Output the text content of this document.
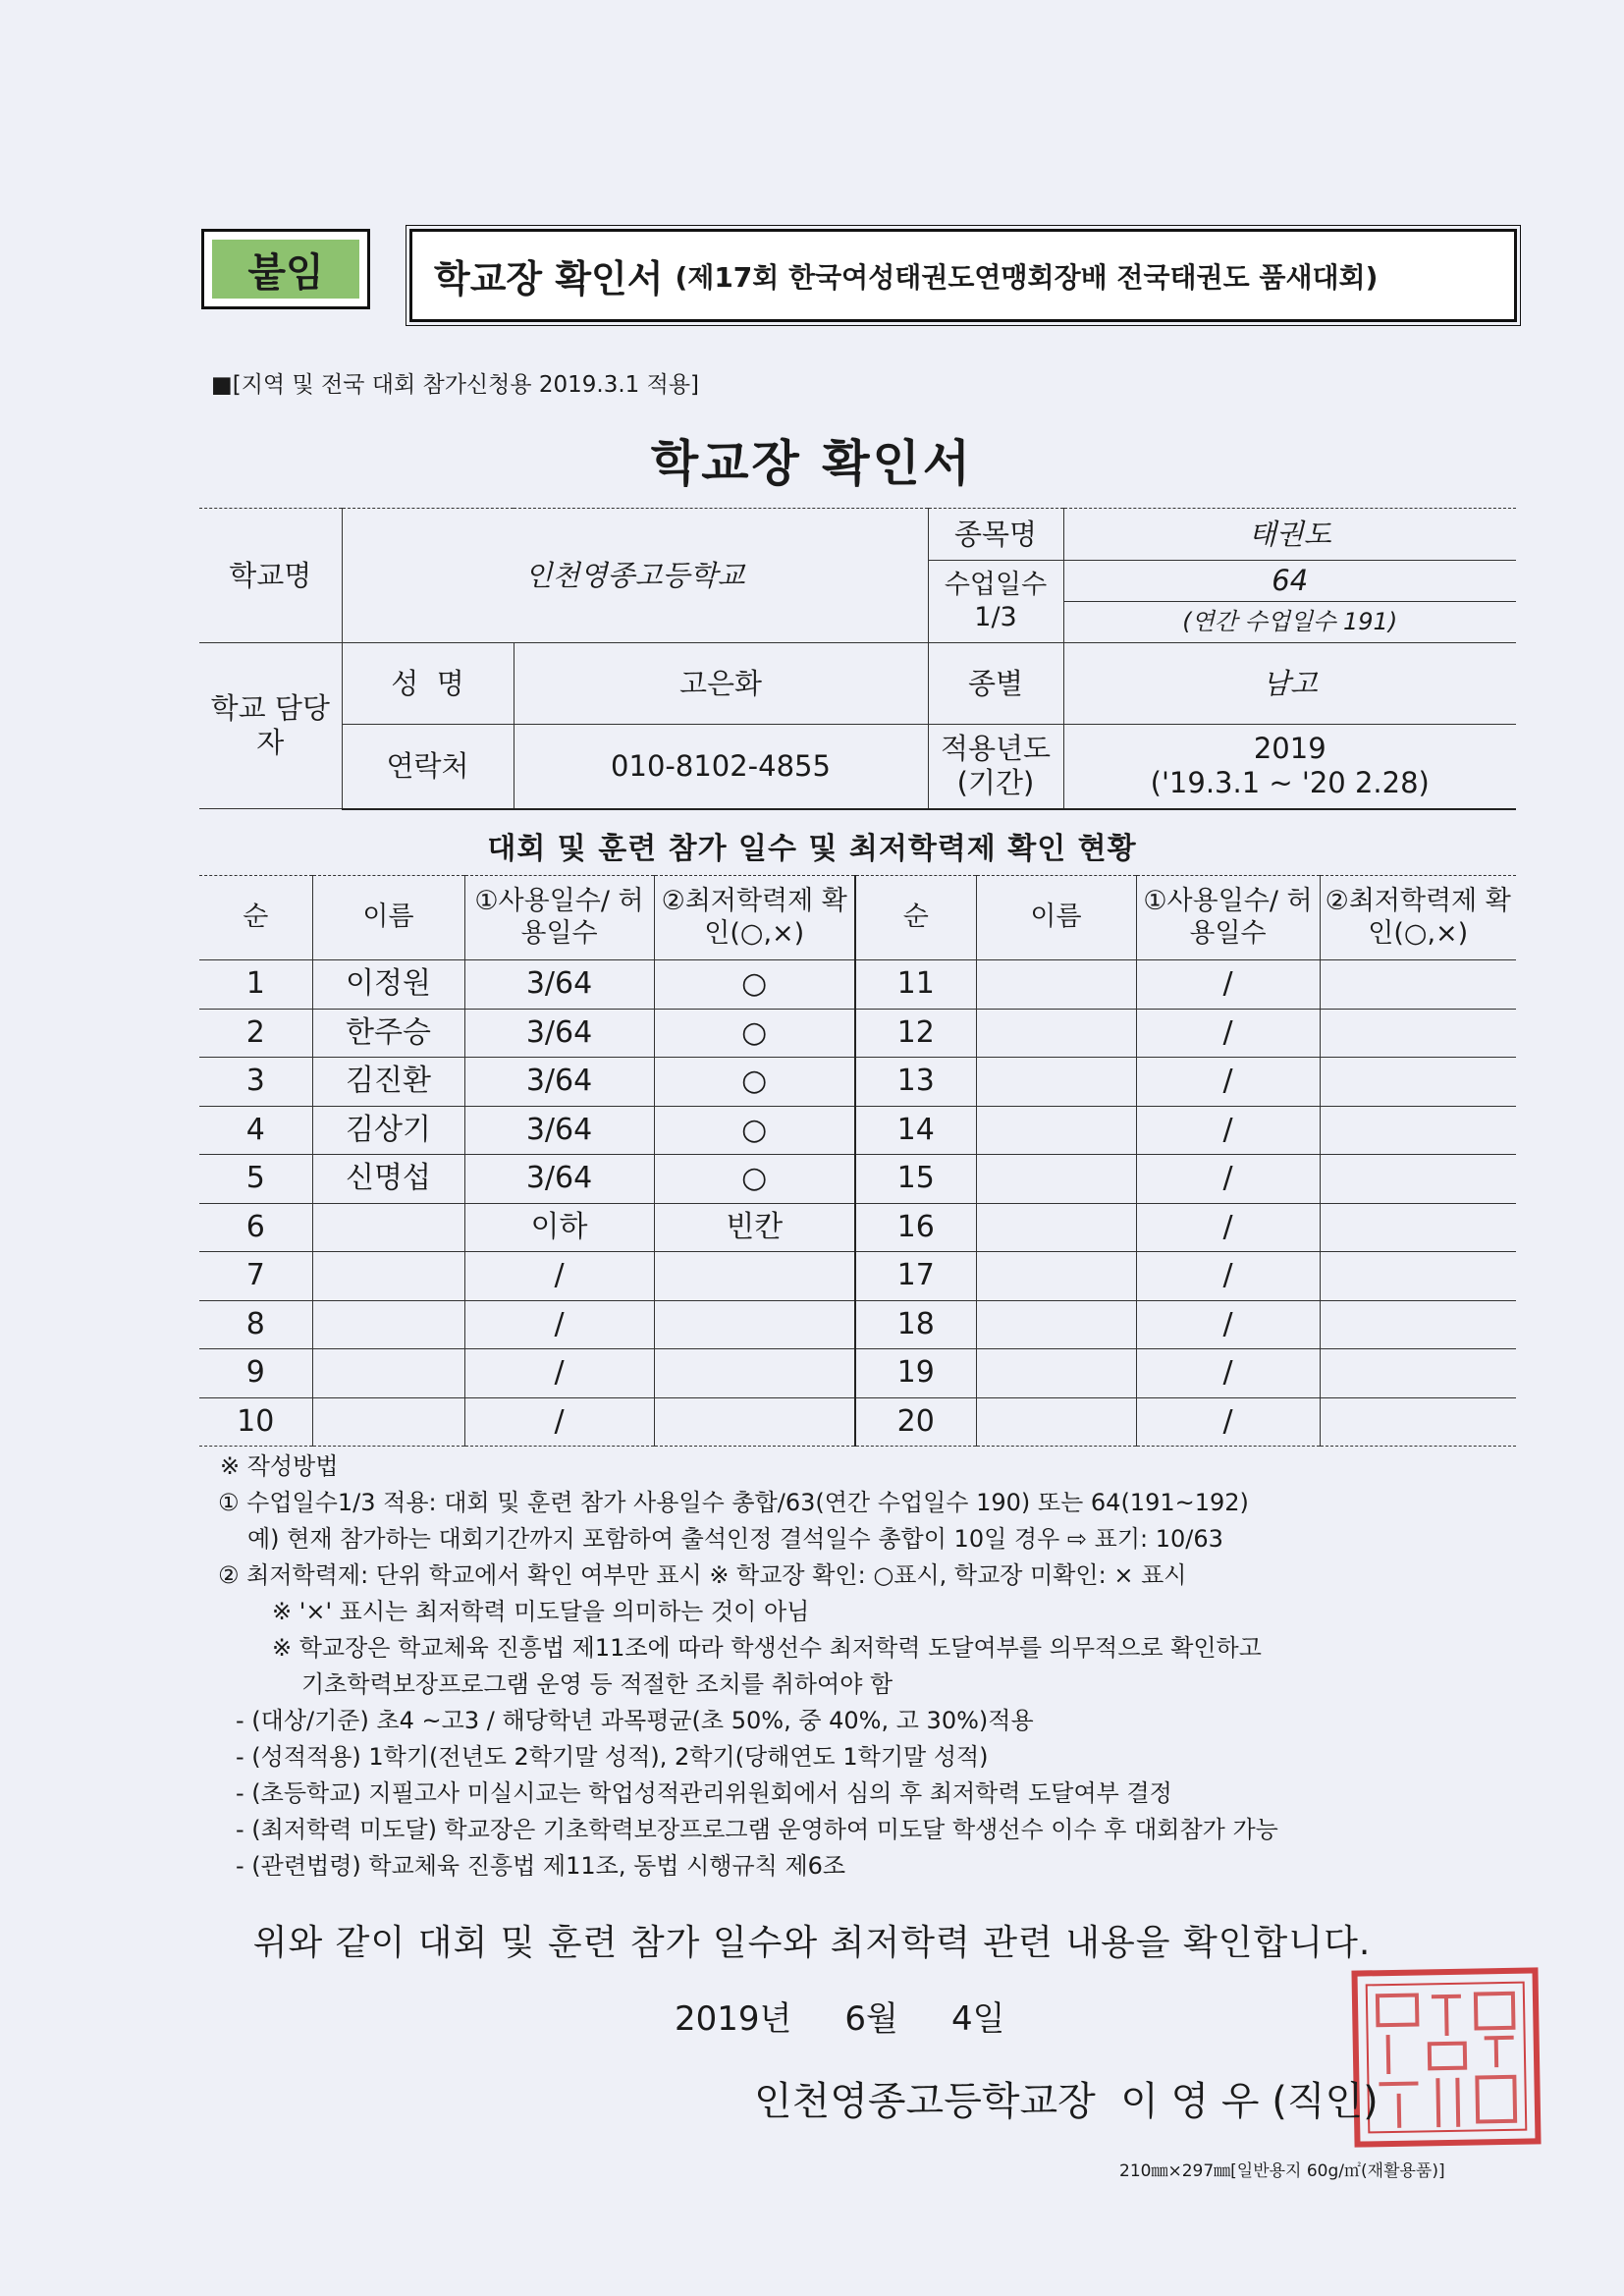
붙임	학교장 확인서 (제17회 한국여성태권도연맹회장배 전국태권도 품새대회)
■[지역 및 전국 대회 참가신청용 2019.3.1 적용]
학교장 확인서
학교명	인천영종고등학교		종목명	태권도
			수업일수 1/3	64
				(연간 수업일수 191)
학교 담당자	성  명	고은화	종별	남고
	연락처	010-8102-4855	적용년도 (기간)	2019
('19.3.1 ~ '20 2.28)
대회 및 훈련 참가 일수 및 최저학력제 확인 현황
순	이름	①사용일수/ 허용일수	②최저학력제 확인(○,×)	순	이름	①사용일수/ 허용일수	②최저학력제 확인(○,×)
1	이정원	3/64	○	11		/	
2	한주승	3/64	○	12		/	
3	김진환	3/64	○	13		/	
4	김상기	3/64	○	14		/	
5	신명섭	3/64	○	15		/	
6		이하	빈칸	16		/	
7		/		17		/	
8		/		18		/	
9		/		19		/	
10		/		20		/	
※ 작성방법
① 수업일수1/3 적용: 대회 및 훈련 참가 사용일수 총합/63(연간 수업일수 190) 또는 64(191~192)
예) 현재 참가하는 대회기간까지 포함하여 출석인정 결석일수 총합이 10일 경우 ⇨ 표기: 10/63
② 최저학력제: 단위 학교에서 확인 여부만 표시 ※ 학교장 확인: ○표시, 학교장 미확인: × 표시
※ '×' 표시는 최저학력 미도달을 의미하는 것이 아님
※ 학교장은 학교체육 진흥법 제11조에 따라 학생선수 최저학력 도달여부를 의무적으로 확인하고
기초학력보장프로그램 운영 등 적절한 조치를 취하여야 함
- (대상/기준) 초4 ~고3 / 해당학년 과목평균(초 50%, 중 40%, 고 30%)적용
- (성적적용) 1학기(전년도 2학기말 성적), 2학기(당해연도 1학기말 성적)
- (초등학교) 지필고사 미실시교는 학업성적관리위원회에서 심의 후 최저학력 도달여부 결정
- (최저학력 미도달) 학교장은 기초학력보장프로그램 운영하여 미도달 학생선수 이수 후 대회참가 가능
- (관련법령) 학교체육 진흥법 제11조, 동법 시행규칙 제6조
위와 같이 대회 및 훈련 참가 일수와 최저학력 관련 내용을 확인합니다.
2019년 6월 4일
인천영종고등학교장  이 영 우 (직인)
210㎜×297㎜[일반용지 60g/㎡(재활용품)]
